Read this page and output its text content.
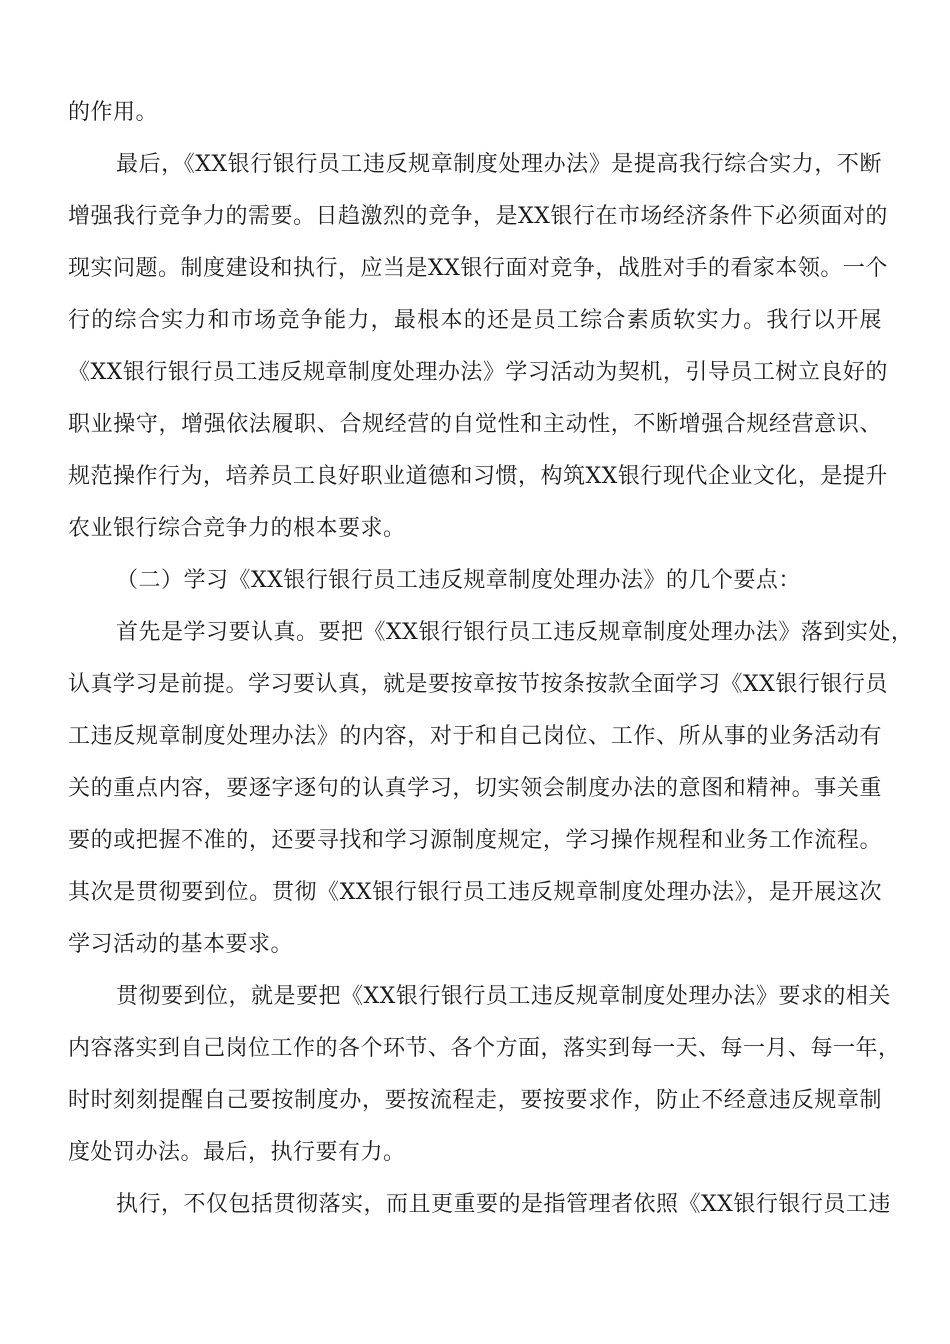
的作用。

最后，《XX银行银行员工违反规章制度处理办法》是提高我行综合实力，不断

增强我行竞争力的需要。日趋激烈的竞争，是XX银行在市场经济条件下必须面对的

现实问题。制度建设和执行，应当是XX银行面对竞争，战胜对手的看家本领。一个

行的综合实力和市场竞争能力，最根本的还是员工综合素质软实力。我行以开展

《XX银行银行员工违反规章制度处理办法》学习活动为契机，引导员工树立良好的

职业操守，增强依法履职、合规经营的自觉性和主动性，不断增强合规经营意识、

规范操作行为，培养员工良好职业道德和习惯，构筑XX银行现代企业文化，是提升

农业银行综合竞争力的根本要求。

（二）学习《XX银行银行员工违反规章制度处理办法》的几个要点：

首先是学习要认真。要把《XX银行银行员工违反规章制度处理办法》落到实处，

认真学习是前提。学习要认真，就是要按章按节按条按款全面学习《XX银行银行员

工违反规章制度处理办法》的内容，对于和自己岗位、工作、所从事的业务活动有

关的重点内容，要逐字逐句的认真学习，切实领会制度办法的意图和精神。事关重

要的或把握不准的，还要寻找和学习源制度规定，学习操作规程和业务工作流程。

其次是贯彻要到位。贯彻《XX银行银行员工违反规章制度处理办法》，是开展这次

学习活动的基本要求。

贯彻要到位，就是要把《XX银行银行员工违反规章制度处理办法》要求的相关

内容落实到自己岗位工作的各个环节、各个方面，落实到每一天、每一月、每一年，

时时刻刻提醒自己要按制度办，要按流程走，要按要求作，防止不经意违反规章制

度处罚办法。最后，执行要有力。

执行，不仅包括贯彻落实，而且更重要的是指管理者依照《XX银行银行员工违
